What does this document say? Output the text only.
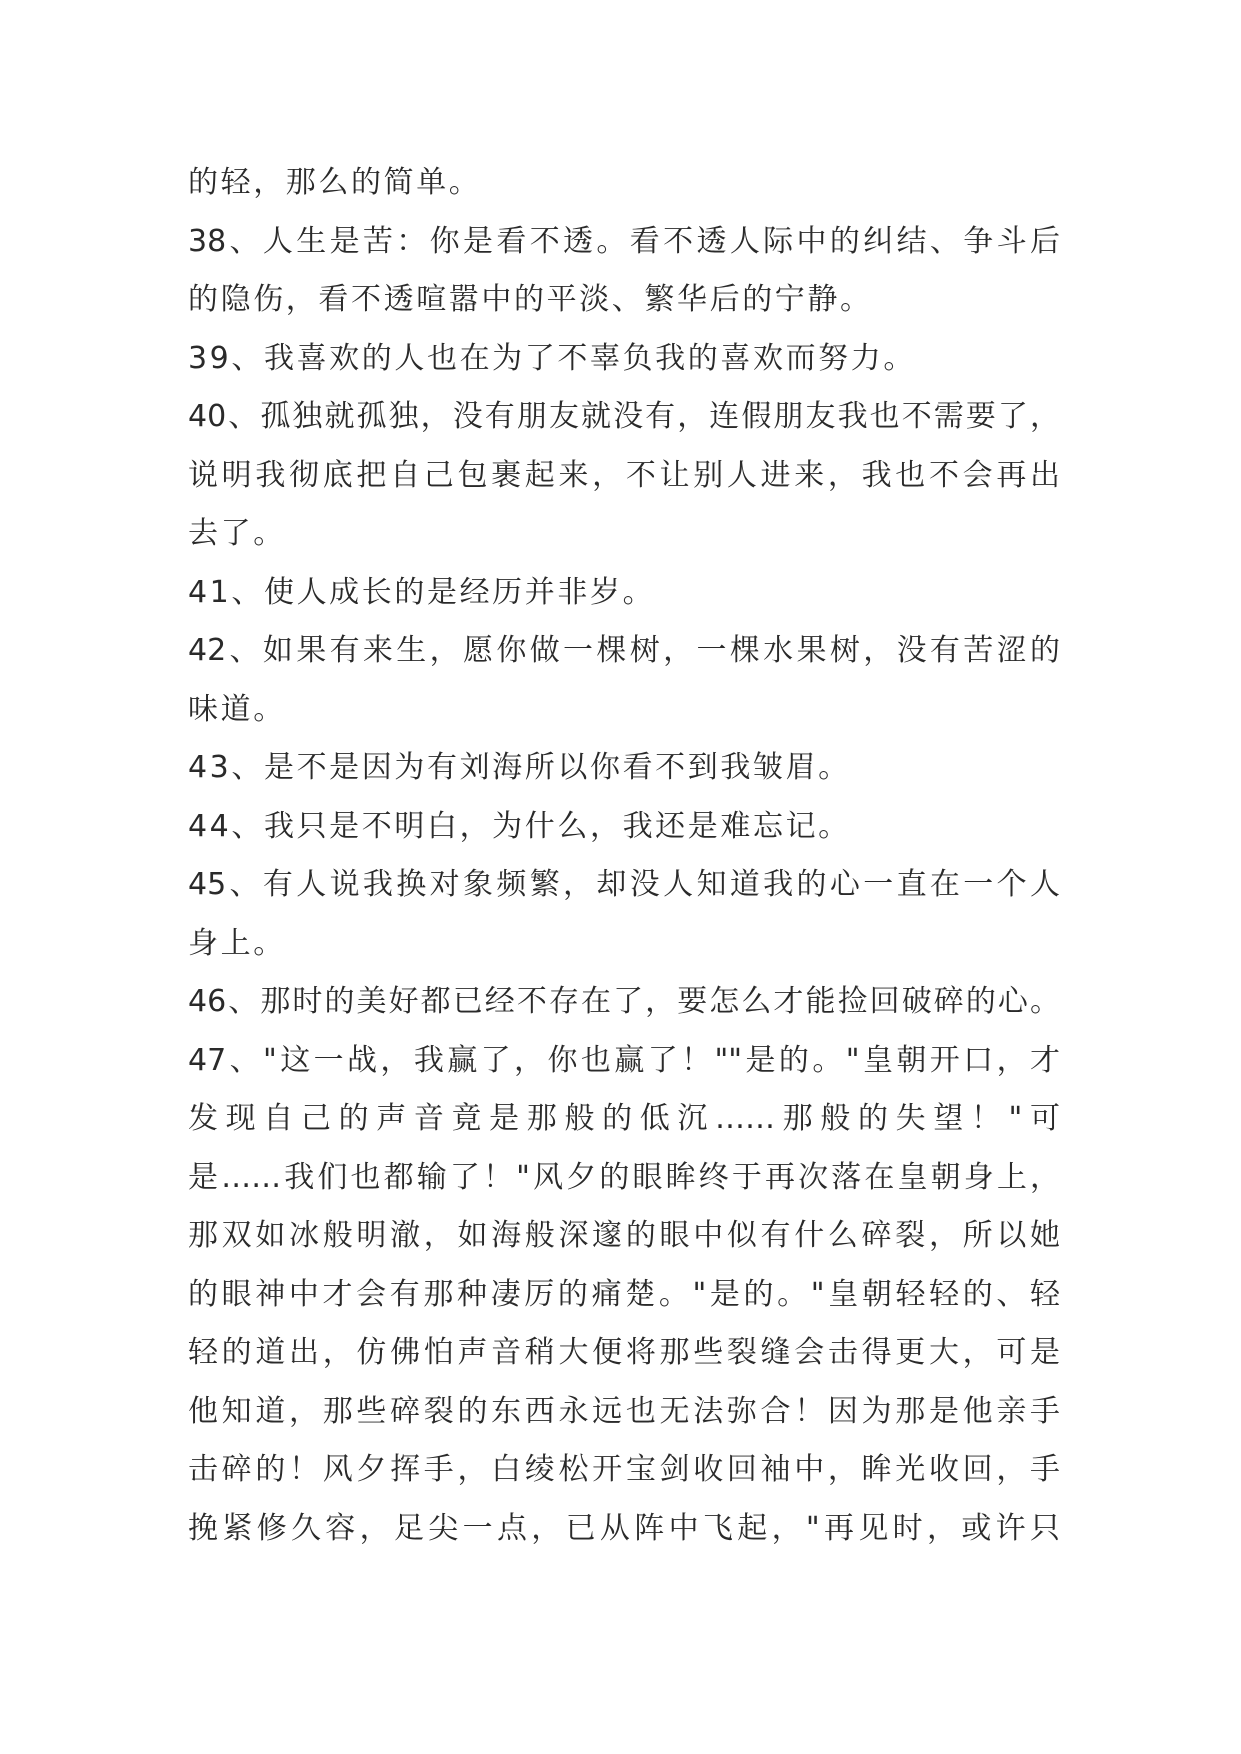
的轻，那么的简单。
38、人生是苦：你是看不透。看不透人际中的纠结、争斗后
的隐伤，看不透喧嚣中的平淡、繁华后的宁静。
39、我喜欢的人也在为了不辜负我的喜欢而努力。
40、孤独就孤独，没有朋友就没有，连假朋友我也不需要了，
说明我彻底把自己包裹起来，不让别人进来，我也不会再出
去了。
41、使人成长的是经历并非岁。
42、如果有来生，愿你做一棵树，一棵水果树，没有苦涩的
味道。
43、是不是因为有刘海所以你看不到我皱眉。
44、我只是不明白，为什么，我还是难忘记。
45、有人说我换对象频繁，却没人知道我的心一直在一个人
身上。
46、那时的美好都已经不存在了，要怎么才能捡回破碎的心。
47、"这一战，我赢了，你也赢了！""是的。"皇朝开口，才
发现自己的声音竟是那般的低沉……那般的失望！"可
是……我们也都输了！"风夕的眼眸终于再次落在皇朝身上，
那双如冰般明澈，如海般深邃的眼中似有什么碎裂，所以她
的眼神中才会有那种凄厉的痛楚。"是的。"皇朝轻轻的、轻
轻的道出，仿佛怕声音稍大便将那些裂缝会击得更大，可是
他知道，那些碎裂的东西永远也无法弥合！因为那是他亲手
击碎的！风夕挥手，白绫松开宝剑收回袖中，眸光收回，手
挽紧修久容，足尖一点，已从阵中飞起，"再见时，或许只
